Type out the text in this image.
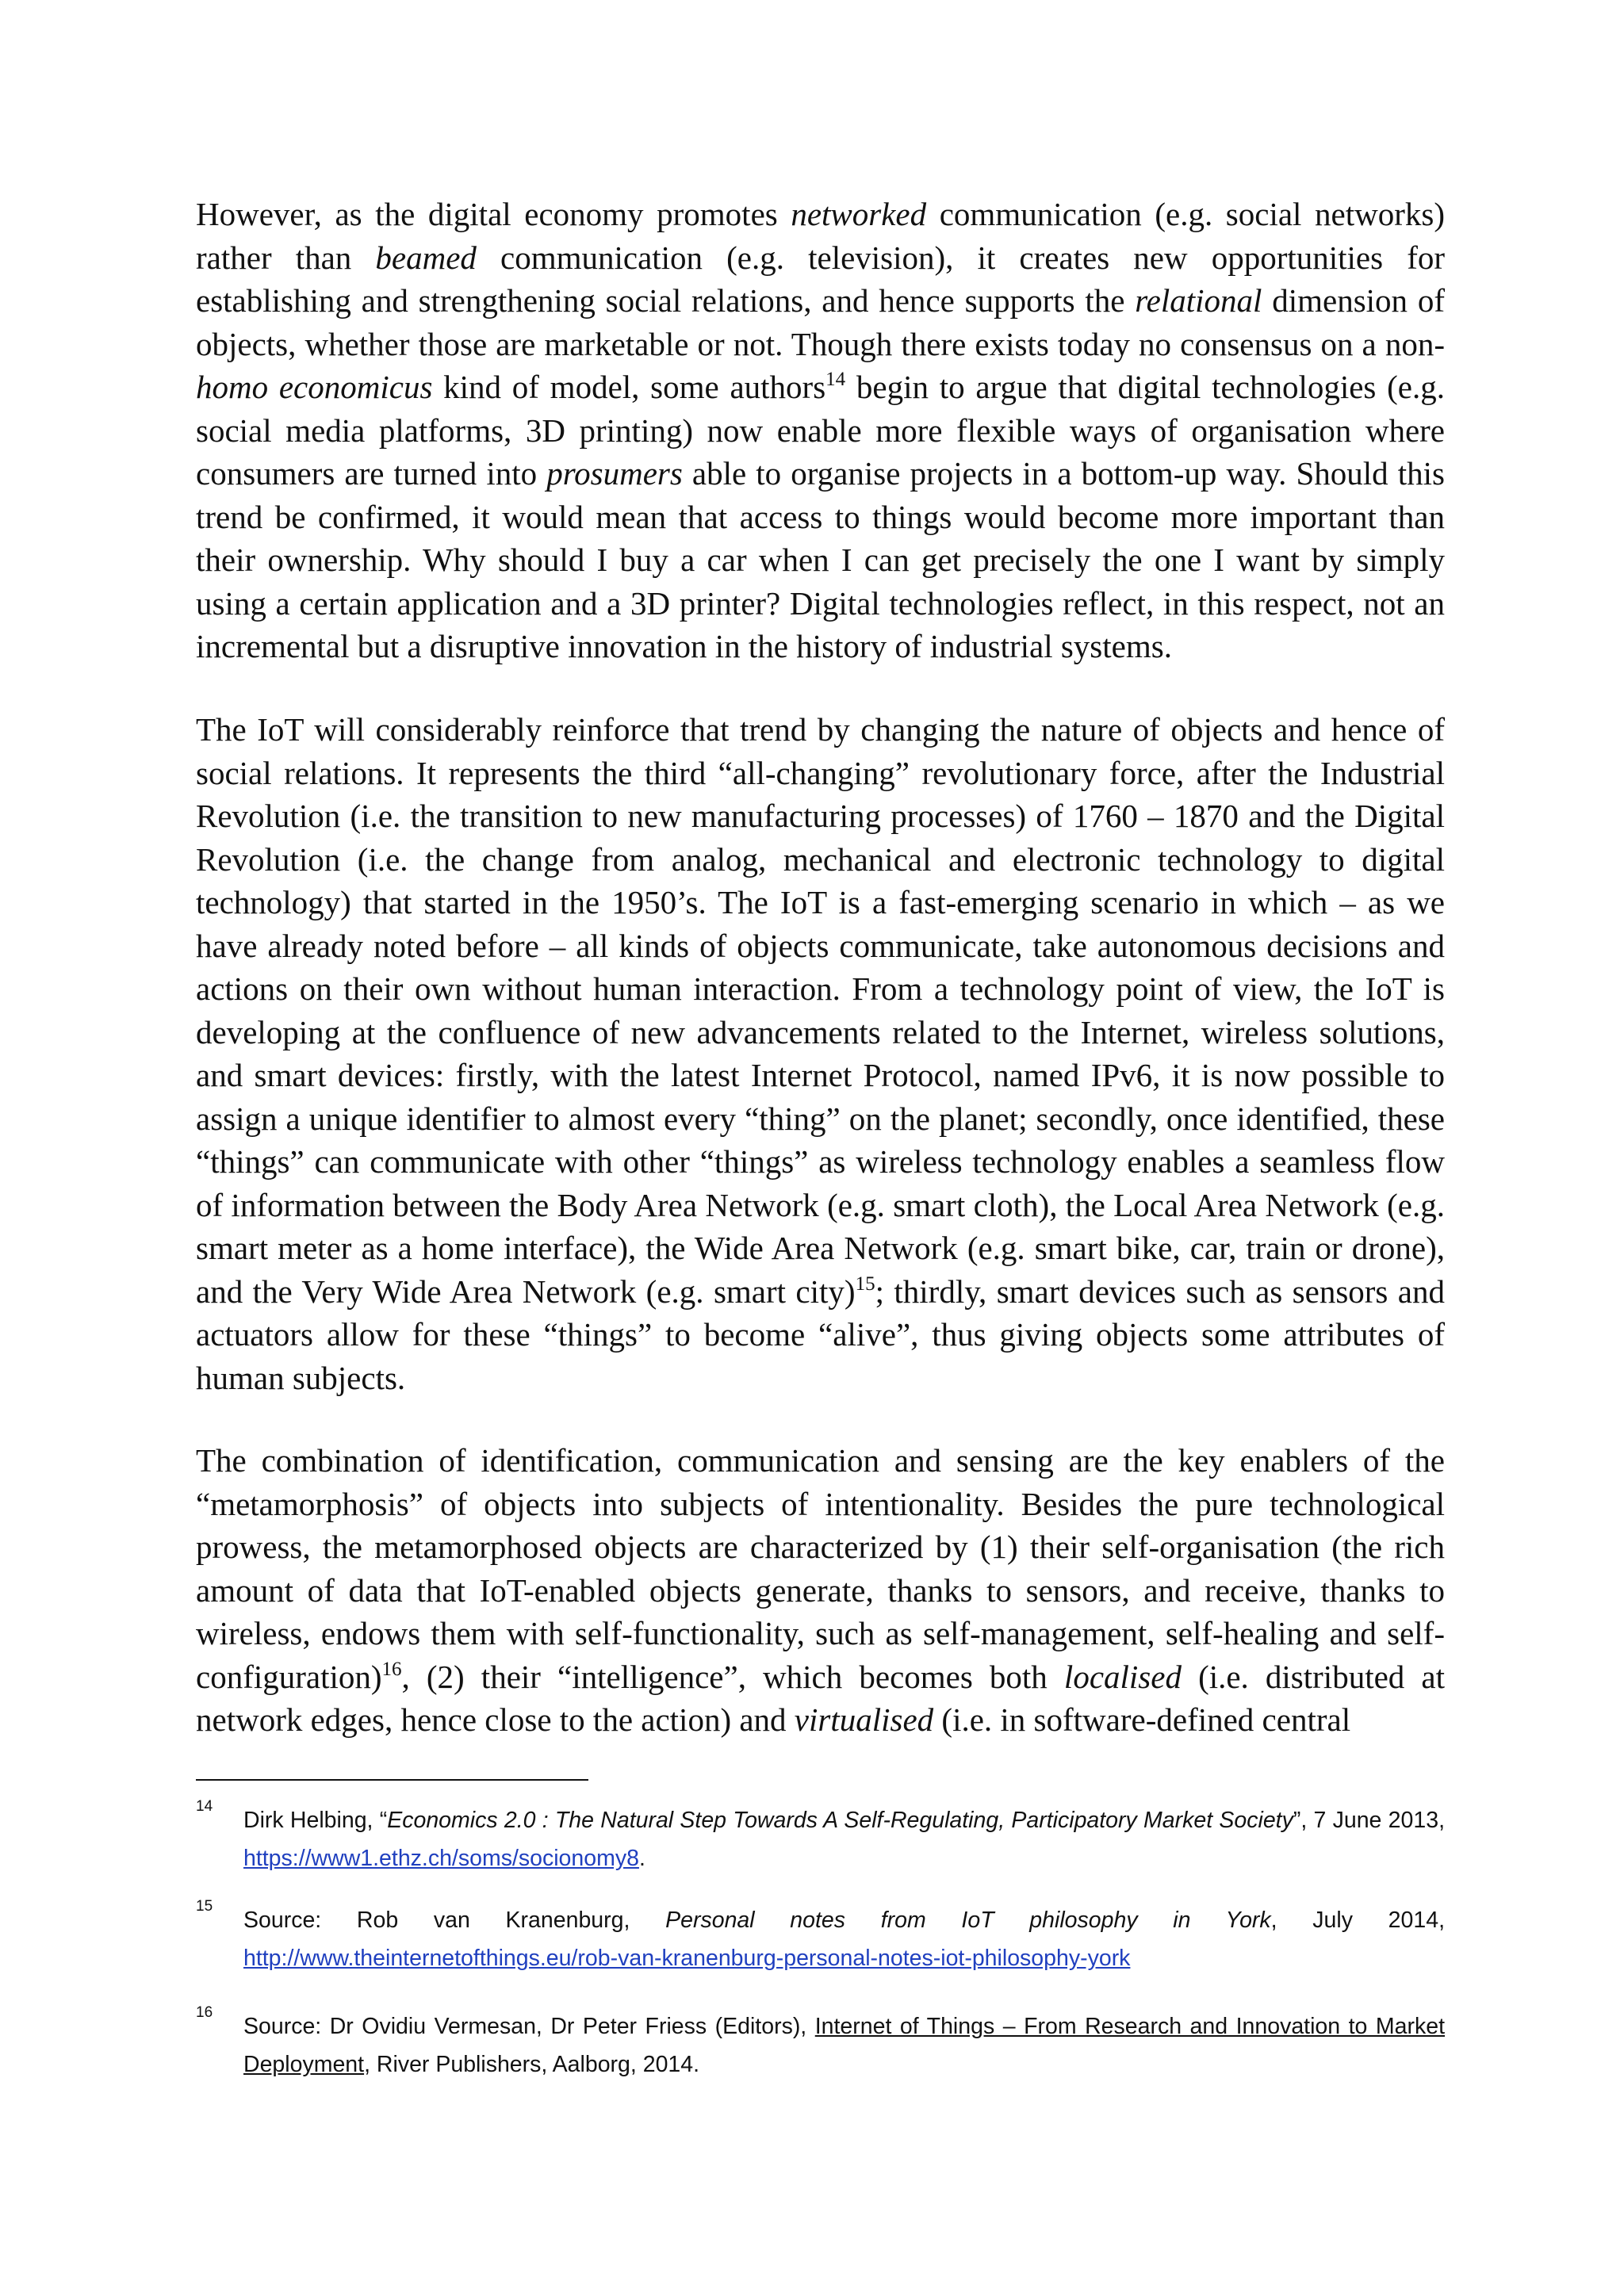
However, as the digital economy promotes networked communication (e.g. social networks) rather than beamed communication (e.g. television), it creates new opportunities for establishing and strengthening social relations, and hence supports the relational dimension of objects, whether those are marketable or not. Though there exists today no consensus on a non-homo economicus kind of model, some authors$^{14}$ begin to argue that digital technologies (e.g. social media platforms, 3D printing) now enable more flexible ways of organisation where consumers are turned into prosumers able to organise projects in a bottom-up way. Should this trend be confirmed, it would mean that access to things would become more important than their ownership. Why should I buy a car when I can get precisely the one I want by simply using a certain application and a 3D printer? Digital technologies reflect, in this respect, not an incremental but a disruptive innovation in the history of industrial systems.

The IoT will considerably reinforce that trend by changing the nature of objects and hence of social relations. It represents the third “all-changing” revolutionary force, after the Industrial Revolution (i.e. the transition to new manufacturing processes) of 1760 – 1870 and the Digital Revolution (i.e. the change from analog, mechanical and electronic technology to digital technology) that started in the 1950’s. The IoT is a fast-emerging scenario in which – as we have already noted before – all kinds of objects communicate, take autonomous decisions and actions on their own without human interaction. From a technology point of view, the IoT is developing at the confluence of new advancements related to the Internet, wireless solutions, and smart devices: firstly, with the latest Internet Protocol, named IPv6, it is now possible to assign a unique identifier to almost every “thing” on the planet; secondly, once identified, these “things” can communicate with other “things” as wireless technology enables a seamless flow of information between the Body Area Network (e.g. smart cloth), the Local Area Network (e.g. smart meter as a home interface), the Wide Area Network (e.g. smart bike, car, train or drone), and the Very Wide Area Network (e.g. smart city)$^{15}$; thirdly, smart devices such as sensors and actuators allow for these “things” to become “alive”, thus giving objects some attributes of human subjects.

The combination of identification, communication and sensing are the key enablers of the “metamorphosis” of objects into subjects of intentionality. Besides the pure technological prowess, the metamorphosed objects are characterized by (1) their self-organisation (the rich amount of data that IoT-enabled objects generate, thanks to sensors, and receive, thanks to wireless, endows them with self-functionality, such as self-management, self-healing and self-configuration)$^{16}$, (2) their “intelligence”, which becomes both localised (i.e. distributed at network edges, hence close to the action) and virtualised (i.e. in software-defined central

14
Dirk Helbing, “Economics 2.0 : The Natural Step Towards A Self-Regulating, Participatory Market Society”, 7 June 2013, https://www1.ethz.ch/soms/socionomy8.
15
Source: Rob van Kranenburg, Personal notes from IoT philosophy in York, July 2014, http://www.theinternetofthings.eu/rob-van-kranenburg-personal-notes-iot-philosophy-york
16
Source: Dr Ovidiu Vermesan, Dr Peter Friess (Editors), Internet of Things – From Research and Innovation to Market Deployment, River Publishers, Aalborg, 2014.
